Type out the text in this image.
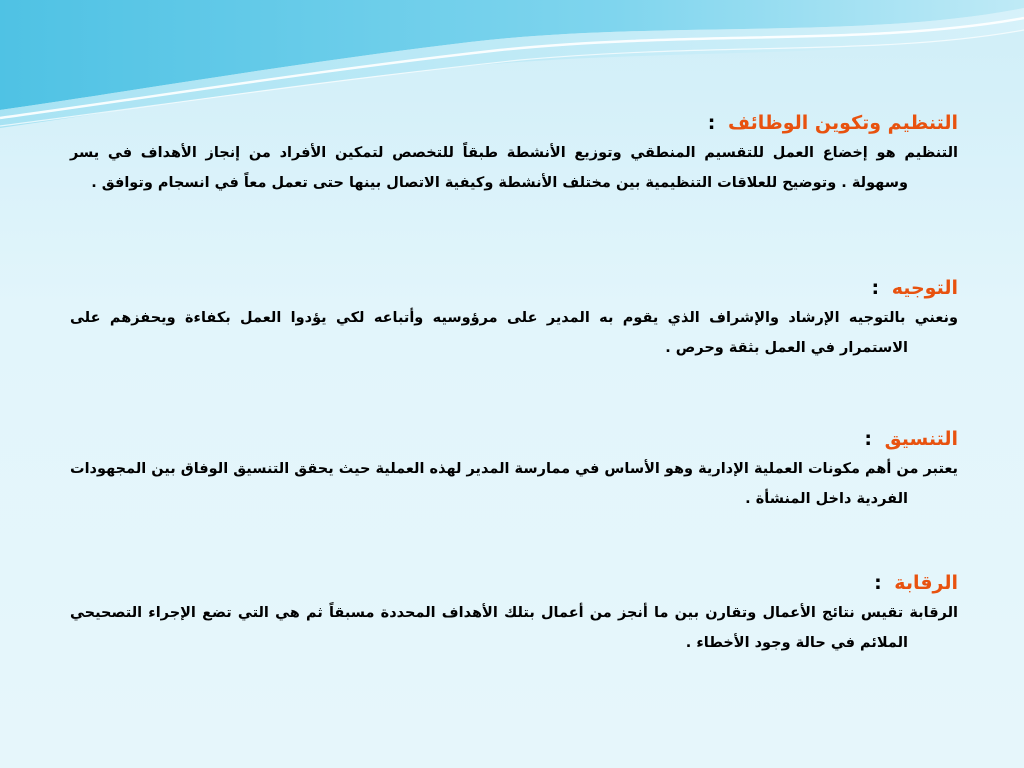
التنظيم وتكوين الوظائف :

التنظيم هو إخضاع العمل للتقسيم المنطقي وتوزيع الأنشطة طبقاً للتخصص لتمكين الأفراد من إنجاز الأهداف في يسر وسهولة . وتوضيح للعلاقات التنظيمية بين مختلف الأنشطة وكيفية الاتصال بينها حتى تعمل معاً في انسجام وتوافق .

التوجيه :

ونعني بالتوجيه الإرشاد والإشراف الذي يقوم به المدير على مرؤوسيه وأتباعه لكي يؤدوا العمل بكفاءة ويحفزهم على الاستمرار في العمل بثقة وحرص .

التنسيق :

يعتبر من أهم مكونات العملية الإدارية وهو الأساس في ممارسة المدير لهذه العملية حيث يحقق التنسيق الوفاق بين المجهودات الفردية داخل المنشأة .

الرقابة :

الرقابة تقيس نتائج الأعمال وتقارن بين ما أنجز من أعمال بتلك الأهداف المحددة مسبقاً ثم هي التي تضع الإجراء التصحيحي الملائم في حالة وجود الأخطاء .
